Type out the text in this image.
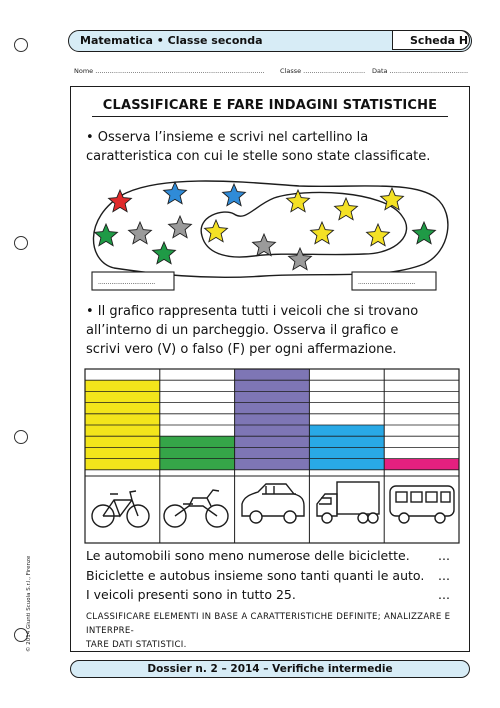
Matematica • Classe seconda	Scheda H
Nome .................................................................................. Classe .............................. Data ......................................
CLASSIFICARE E FARE INDAGINI STATISTICHE
• Osserva l’insieme e scrivi nel cartellino la
caratteristica con cui le stelle sono state classificate.
..............................	..............................
• Il grafico rappresenta tutti i veicoli che si trovano
all’interno di un parcheggio. Osserva il grafico e
scrivi vero (V) o falso (F) per ogni affermazione.
Le automobili sono meno numerose delle biciclette. ...
Biciclette e autobus insieme sono tanti quanti le auto. ...
I veicoli presenti sono in tutto 25.	...
CLASSIFICARE ELEMENTI IN BASE A CARATTERISTICHE DEFINITE; ANALIZZARE E INTERPRE-
TARE DATI STATISTICI.
Dossier n. 2 – 2014 – Verifiche intermedie
© 2014 Giunti Scuola S.r.l., Firenze
